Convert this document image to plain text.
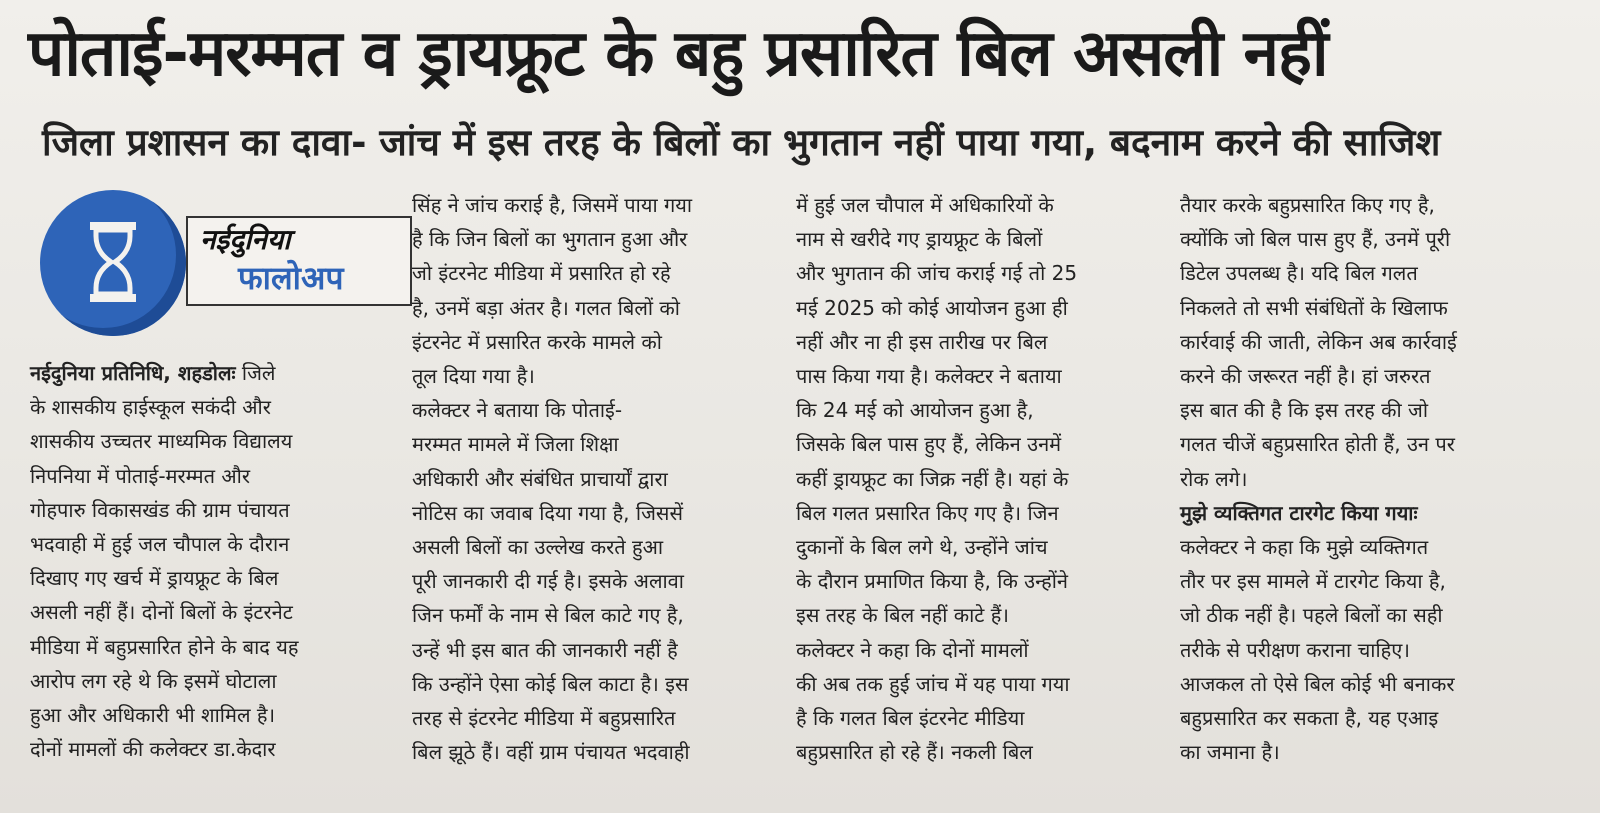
पोताई-मरम्मत व ड्रायफ्रूट के बहु प्रसारित बिल असली नहीं
जिला प्रशासन का दावा- जांच में इस तरह के बिलों का भुगतान नहीं पाया गया, बदनाम करने की साजिश
नईदुनिया
फालोअप
नईदुनिया प्रतिनिधि, शहडोलः जिले
के शासकीय हाईस्कूल सकंदी और
शासकीय उच्चतर माध्यमिक विद्यालय
निपनिया में पोताई-मरम्मत और
गोहपारु विकासखंड की ग्राम पंचायत
भदवाही में हुई जल चौपाल के दौरान
दिखाए गए खर्च में ड्रायफ्रूट के बिल
असली नहीं हैं। दोनों बिलों के इंटरनेट
मीडिया में बहुप्रसारित होने के बाद यह
आरोप लग रहे थे कि इसमें घोटाला
हुआ और अधिकारी भी शामिल है।
दोनों मामलों की कलेक्टर डा.केदार
सिंह ने जांच कराई है, जिसमें पाया गया
है कि जिन बिलों का भुगतान हुआ और
जो इंटरनेट मीडिया में प्रसारित हो रहे
है, उनमें बड़ा अंतर है। गलत बिलों को
इंटरनेट में प्रसारित करके मामले को
तूल दिया गया है।
कलेक्टर ने बताया कि पोताई-
मरम्मत मामले में जिला शिक्षा
अधिकारी और संबंधित प्राचार्यों द्वारा
नोटिस का जवाब दिया गया है, जिससें
असली बिलों का उल्लेख करते हुआ
पूरी जानकारी दी गई है। इसके अलावा
जिन फर्मों के नाम से बिल काटे गए है,
उन्हें भी इस बात की जानकारी नहीं है
कि उन्होंने ऐसा कोई बिल काटा है। इस
तरह से इंटरनेट मीडिया में बहुप्रसारित
बिल झूठे हैं। वहीं ग्राम पंचायत भदवाही
में हुई जल चौपाल में अधिकारियों के
नाम से खरीदे गए ड्रायफ्रूट के बिलों
और भुगतान की जांच कराई गई तो 25
मई 2025 को कोई आयोजन हुआ ही
नहीं और ना ही इस तारीख पर बिल
पास किया गया है। कलेक्टर ने बताया
कि 24 मई को आयोजन हुआ है,
जिसके बिल पास हुए हैं, लेकिन उनमें
कहीं ड्रायफ्रूट का जिक्र नहीं है। यहां के
बिल गलत प्रसारित किए गए है। जिन
दुकानों के बिल लगे थे, उन्होंने जांच
के दौरान प्रमाणित किया है, कि उन्होंने
इस तरह के बिल नहीं काटे हैं।
कलेक्टर ने कहा कि दोनों मामलों
की अब तक हुई जांच में यह पाया गया
है कि गलत बिल इंटरनेट मीडिया
बहुप्रसारित हो रहे हैं। नकली बिल
तैयार करके बहुप्रसारित किए गए है,
क्योंकि जो बिल पास हुए हैं, उनमें पूरी
डिटेल उपलब्ध है। यदि बिल गलत
निकलते तो सभी संबंधितों के खिलाफ
कार्रवाई की जाती, लेकिन अब कार्रवाई
करने की जरूरत नहीं है। हां जरुरत
इस बात की है कि इस तरह की जो
गलत चीजें बहुप्रसारित होती हैं, उन पर
रोक लगे।
मुझे व्यक्तिगत टारगेट किया गयाः
कलेक्टर ने कहा कि मुझे व्यक्तिगत
तौर पर इस मामले में टारगेट किया है,
जो ठीक नहीं है। पहले बिलों का सही
तरीके से परीक्षण कराना चाहिए।
आजकल तो ऐसे बिल कोई भी बनाकर
बहुप्रसारित कर सकता है, यह एआइ
का जमाना है।
